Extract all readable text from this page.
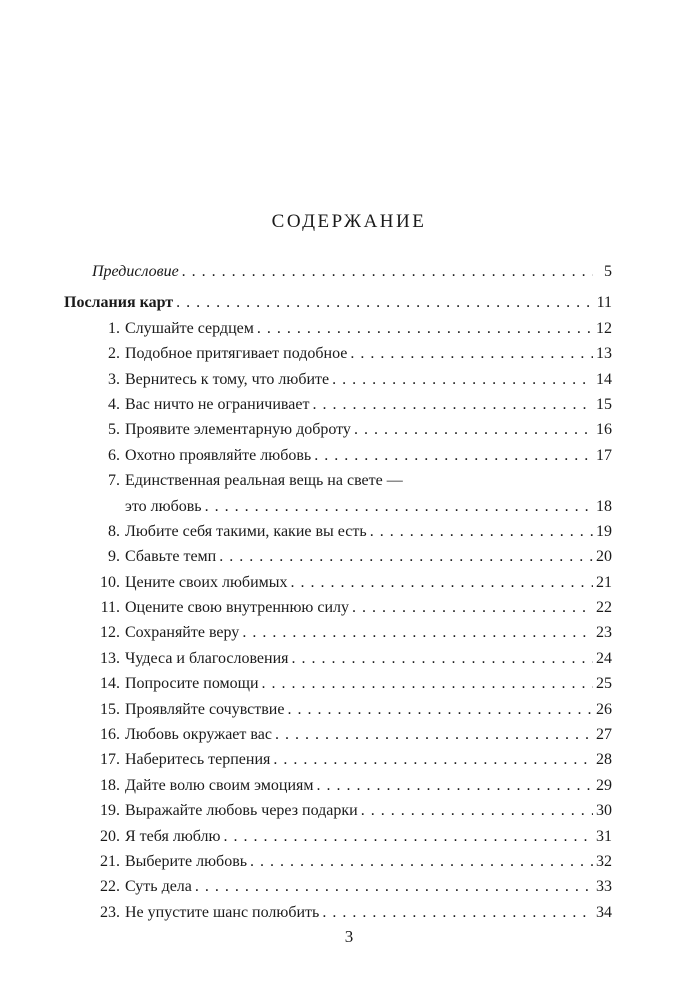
СОДЕРЖАНИЕ
Предисловие . . .	5
Послания карт . . .	11
1. Слушайте сердцем . . .	12
2. Подобное притягивает подобное . . .	13
3. Вернитесь к тому, что любите . . .	14
4. Вас ничто не ограничивает . . .	15
5. Проявите элементарную доброту . . .	16
6. Охотно проявляйте любовь . . .	17
7. Единственная реальная вещь на свете —
это любовь . . .	18
8. Любите себя такими, какие вы есть . . .	19
9. Сбавьте темп . . .	20
10. Цените своих любимых . . .	21
11. Оцените свою внутреннюю силу . . .	22
12. Сохраняйте веру . . .	23
13. Чудеса и благословения . . .	24
14. Попросите помощи . . .	25
15. Проявляйте сочувствие . . .	26
16. Любовь окружает вас . . .	27
17. Наберитесь терпения . . .	28
18. Дайте волю своим эмоциям . . .	29
19. Выражайте любовь через подарки . . .	30
20. Я тебя люблю . . .	31
21. Выберите любовь . . .	32
22. Суть дела . . .	33
23. Не упустите шанс полюбить . . .	34
3
